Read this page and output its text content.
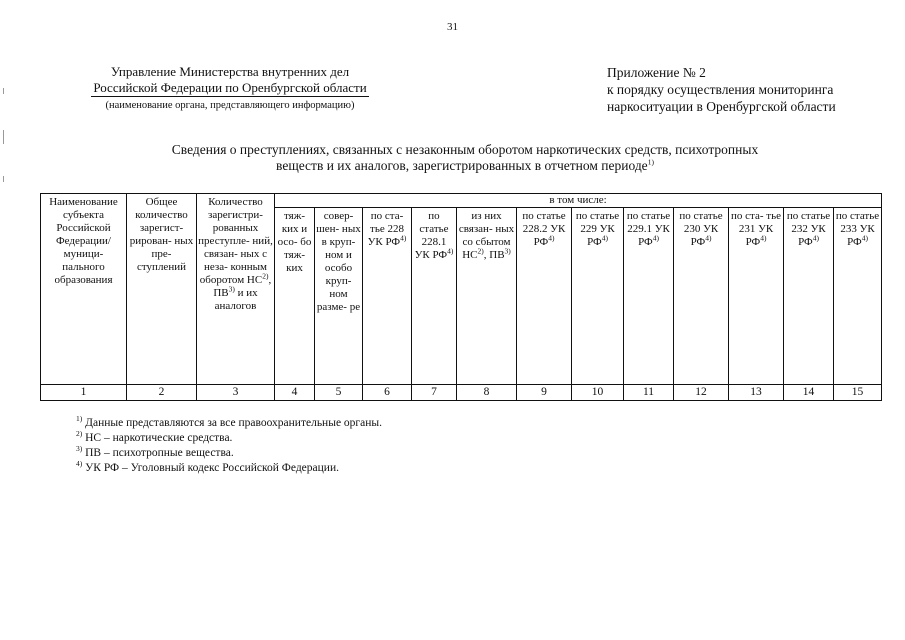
31
Управление Министерства внутренних дел
Российской Федерации по Оренбургской области
(наименование органа, представляющего информацию)
Приложение № 2
к порядку осуществления мониторинга
наркоситуации в Оренбургской области
Сведения о преступлениях, связанных с незаконным оборотом наркотических средств, психотропных
веществ и их аналогов, зарегистрированных в отчетном периоде$^{1)}$
Наименование субъекта Российской Федерации/ муници- пального образования	Общее количество зарегист- рирован- ных пре- ступлений	Количество зарегистри- рованных преступле- ний, связан- ных с неза- конным оборотом НС$^{2)}$, ПВ$^{3)}$ и их аналогов	в том числе:											
			тяж- ких и осо- бо тяж- ких	совер- шен- ных в круп- ном и особо круп- ном разме- ре	по ста- тье 228 УК РФ$^{4)}$	по статье 228.1 УК РФ$^{4)}$	из них связан- ных со сбытом НС$^{2)}$, ПВ$^{3)}$	по статье 228.2 УК РФ$^{4)}$	по статье 229 УК РФ$^{4)}$	по статье 229.1 УК РФ$^{4)}$	по статье 230 УК РФ$^{4)}$	по ста- тье 231 УК РФ$^{4)}$	по статье 232 УК РФ$^{4)}$	по статье 233 УК РФ$^{4)}$
1	2	3	4	5	6	7	8	9	10	11	12	13	14	15
$^{1)}$ Данные представляются за все правоохранительные органы.
$^{2)}$ НС – наркотические средства.
$^{3)}$ ПВ – психотропные вещества.
$^{4)}$ УК РФ – Уголовный кодекс Российской Федерации.
